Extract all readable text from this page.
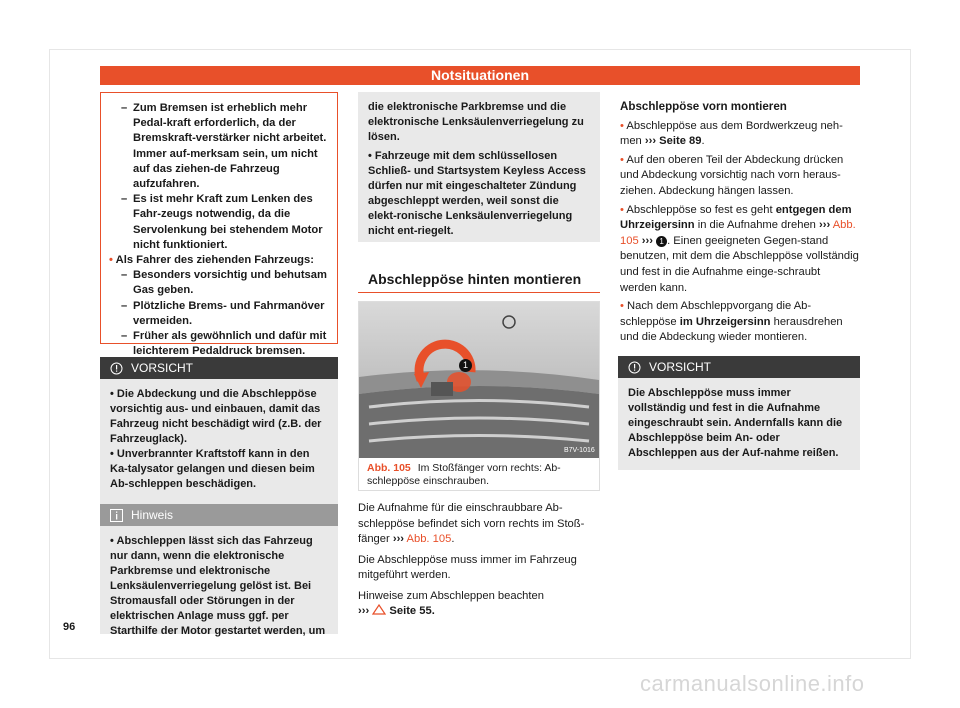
Notsituationen
– Zum Bremsen ist erheblich mehr Pedal-kraft erforderlich, da der Bremskraft-verstärker nicht arbeitet. Immer auf-merksam sein, um nicht auf das ziehen-de Fahrzeug aufzufahren.
– Es ist mehr Kraft zum Lenken des Fahr-zeugs notwendig, da die Servolenkung bei stehendem Motor nicht funktioniert.
• Als Fahrer des ziehenden Fahrzeugs:
– Besonders vorsichtig und behutsam Gas geben.
– Plötzliche Brems- und Fahrmanöver vermeiden.
– Früher als gewöhnlich und dafür mit leichterem Pedaldruck bremsen.
VORSICHT
• Die Abdeckung und die Abschleppöse vorsichtig aus- und einbauen, damit das Fahrzeug nicht beschädigt wird (z.B. der Fahrzeuglack).
• Unverbrannter Kraftstoff kann in den Ka-talysator gelangen und diesen beim Ab-schleppen beschädigen.
Hinweis
• Abschleppen lässt sich das Fahrzeug nur dann, wenn die elektronische Parkbremse und elektronische Lenksäulenverriegelung gelöst ist. Bei Stromausfall oder Störungen in der elektrischen Anlage muss ggf. per Starthilfe der Motor gestartet werden, um
96
die elektronische Parkbremse und die elektronische Lenksäulenverriegelung zu lösen.
• Fahrzeuge mit dem schlüssellosen Schließ- und Startsystem Keyless Access dürfen nur mit eingeschalteter Zündung abgeschleppt werden, weil sonst die elekt-ronische Lenksäulenverriegelung nicht ent-riegelt.
Abschleppöse hinten montieren
B7V-1016
1
Abb. 105 Im Stoßfänger vorn rechts: Ab-schleppöse einschrauben.
Die Aufnahme für die einschraubbare Ab-schleppöse befindet sich vorn rechts im Stoß-fänger ››› Abb. 105.
Die Abschleppöse muss immer im Fahrzeug mitgeführt werden.
Hinweise zum Abschleppen beachten
››› Seite 55.
Abschleppöse vorn montieren
• Abschleppöse aus dem Bordwerkzeug neh-men ››› Seite 89.
• Auf den oberen Teil der Abdeckung drücken und Abdeckung vorsichtig nach vorn heraus-ziehen. Abdeckung hängen lassen.
• Abschleppöse so fest es geht entgegen dem Uhrzeigersinn in die Aufnahme drehen ››› Abb. 105 ››› 1 . Einen geeigneten Gegen-stand benutzen, mit dem die Abschleppöse vollständig und fest in die Aufnahme einge-schraubt werden kann.
• Nach dem Abschleppvorgang die Ab-schleppöse im Uhrzeigersinn herausdrehen und die Abdeckung wieder montieren.
VORSICHT
Die Abschleppöse muss immer vollständig und fest in die Aufnahme eingeschraubt sein. Andernfalls kann die Abschleppöse beim An- oder Abschleppen aus der Auf-nahme reißen.
carmanualsonline.info
